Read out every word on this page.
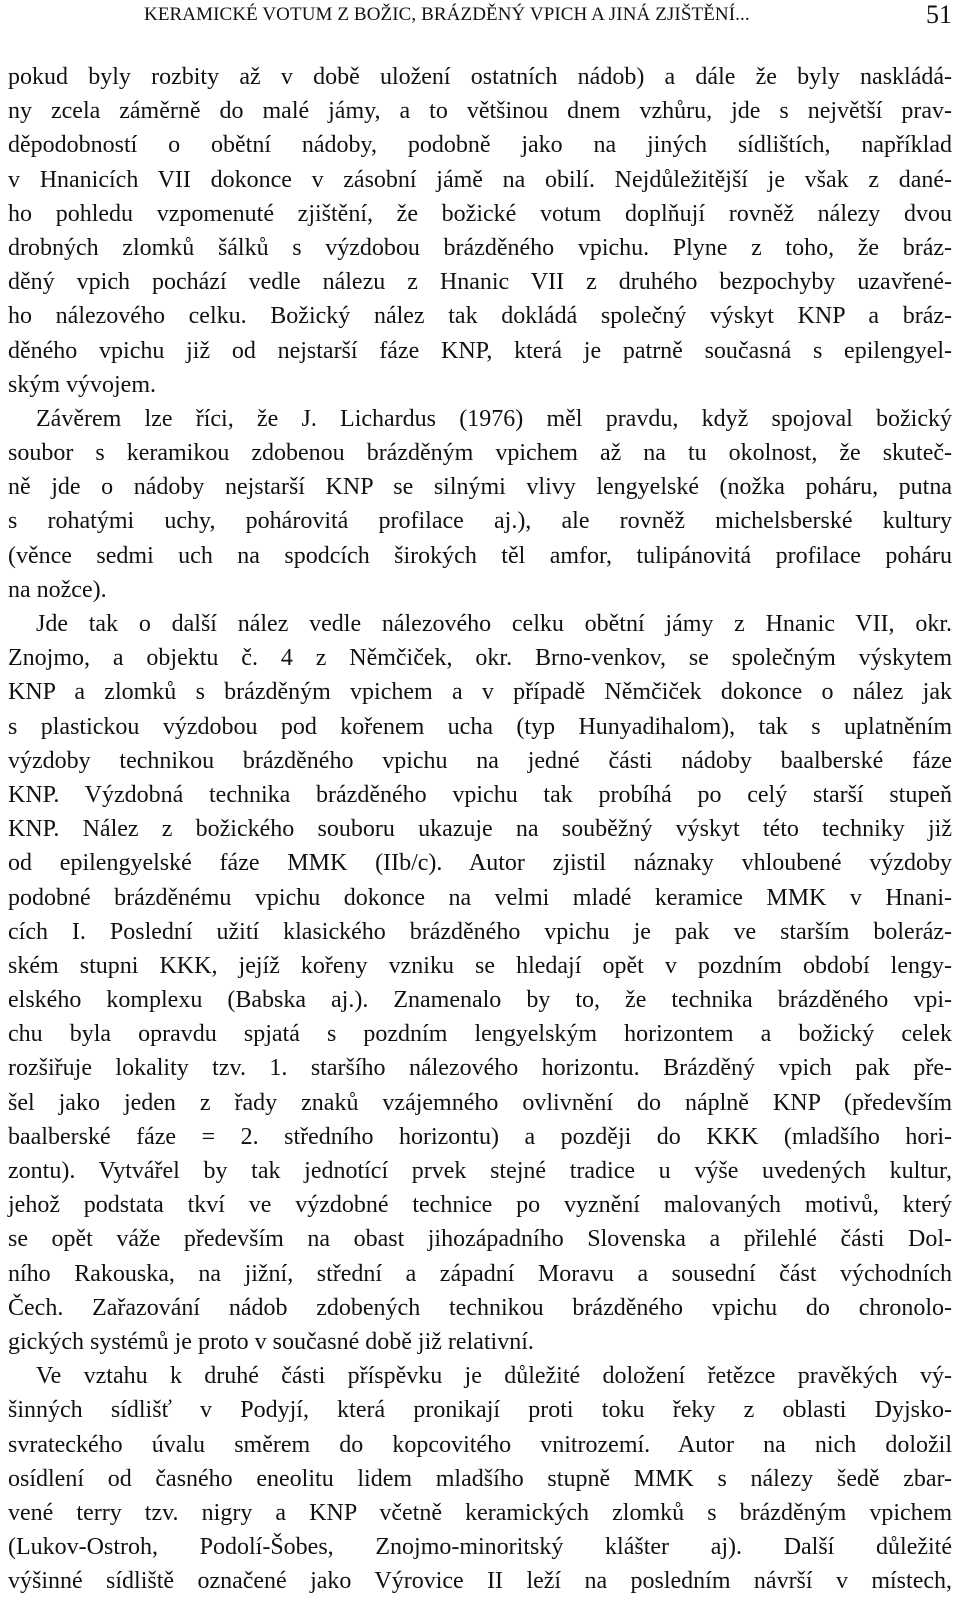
KERAMICKÉ VOTUM Z BOŽIC, BRÁZDĚNÝ VPICH A JINÁ ZJIŠTĚNÍ...	51
pokud byly rozbity až v době uložení ostatních nádob) a dále že byly naskládá-
ny zcela záměrně do malé jámy, a to většinou dnem vzhůru, jde s největší prav-
děpodobností o obětní nádoby, podobně jako na jiných sídlištích, například
v Hnanicích VII dokonce v zásobní jámě na obilí. Nejdůležitější je však z dané-
ho pohledu vzpomenuté zjištění, že božické votum doplňují rovněž nálezy dvou
drobných zlomků šálků s výzdobou brázděného vpichu. Plyne z toho, že bráz-
děný vpich pochází vedle nálezu z Hnanic VII z druhého bezpochyby uzavřené-
ho nálezového celku. Božický nález tak dokládá společný výskyt KNP a bráz-
děného vpichu již od nejstarší fáze KNP, která je patrně současná s epilengyel-
ským vývojem.
Závěrem lze říci, že J. Lichardus (1976) měl pravdu, když spojoval božický
soubor s keramikou zdobenou brázděným vpichem až na tu okolnost, že skuteč-
ně jde o nádoby nejstarší KNP se silnými vlivy lengyelské (nožka poháru, putna
s rohatými uchy, pohárovitá profilace aj.), ale rovněž michelsberské kultury
(věnce sedmi uch na spodcích širokých těl amfor, tulipánovitá profilace poháru
na nožce).
Jde tak o další nález vedle nálezového celku obětní jámy z Hnanic VII, okr.
Znojmo, a objektu č. 4 z Němčiček, okr. Brno-venkov, se společným výskytem
KNP a zlomků s brázděným vpichem a v případě Němčiček dokonce o nález jak
s plastickou výzdobou pod kořenem ucha (typ Hunyadihalom), tak s uplatněním
výzdoby technikou brázděného vpichu na jedné části nádoby baalberské fáze
KNP. Výzdobná technika brázděného vpichu tak probíhá po celý starší stupeň
KNP. Nález z božického souboru ukazuje na souběžný výskyt této techniky již
od epilengyelské fáze MMK (IIb/c). Autor zjistil náznaky vhloubené výzdoby
podobné brázděnému vpichu dokonce na velmi mladé keramice MMK v Hnani-
cích I. Poslední užití klasického brázděného vpichu je pak ve starším boleráz-
ském stupni KKK, jejíž kořeny vzniku se hledají opět v pozdním období lengy-
elského komplexu (Babska aj.). Znamenalo by to, že technika brázděného vpi-
chu byla opravdu spjatá s pozdním lengyelským horizontem a božický celek
rozšiřuje lokality tzv. 1. staršího nálezového horizontu. Brázděný vpich pak pře-
šel jako jeden z řady znaků vzájemného ovlivnění do náplně KNP (především
baalberské fáze = 2. středního horizontu) a později do KKK (mladšího hori-
zontu). Vytvářel by tak jednotící prvek stejné tradice u výše uvedených kultur,
jehož podstata tkví ve výzdobné technice po vyznění malovaných motivů, který
se opět váže především na obast jihozápadního Slovenska a přilehlé části Dol-
ního Rakouska, na jižní, střední a západní Moravu a sousední část východních
Čech. Zařazování nádob zdobených technikou brázděného vpichu do chronolo-
gických systémů je proto v současné době již relativní.
Ve vztahu k druhé části příspěvku je důležité doložení řetězce pravěkých vý-
šinných sídlišť v Podyjí, která pronikají proti toku řeky z oblasti Dyjsko-
svrateckého úvalu směrem do kopcovitého vnitrozemí. Autor na nich doložil
osídlení od časného eneolitu lidem mladšího stupně MMK s nálezy šedě zbar-
vené terry tzv. nigry a KNP včetně keramických zlomků s brázděným vpichem
(Lukov-Ostroh, Podolí-Šobes, Znojmo-minoritský klášter aj). Další důležité
výšinné sídliště označené jako Výrovice II leží na posledním návrší v místech,
